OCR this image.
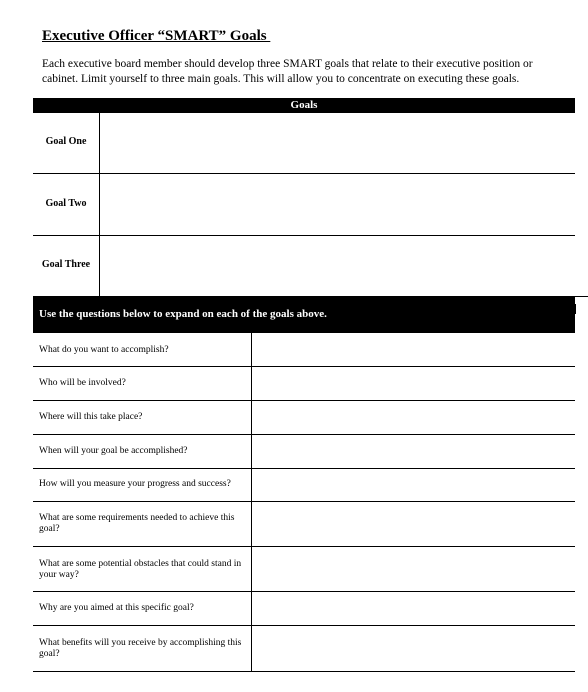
Executive Officer “SMART” Goals
Each executive board member should develop three SMART goals that relate to their executive position or cabinet. Limit yourself to three main goals. This will allow you to concentrate on executing these goals.
Goals
Goal One
Goal Two
Goal Three
Use the questions below to expand on each of the goals above.
What do you want to accomplish?
Who will be involved?
Where will this take place?
When will your goal be accomplished?
How will you measure your progress and success?
What are some requirements needed to achieve this goal?
What are some potential obstacles that could stand in your way?
Why are you aimed at this specific goal?
What benefits will you receive by accomplishing this goal?
